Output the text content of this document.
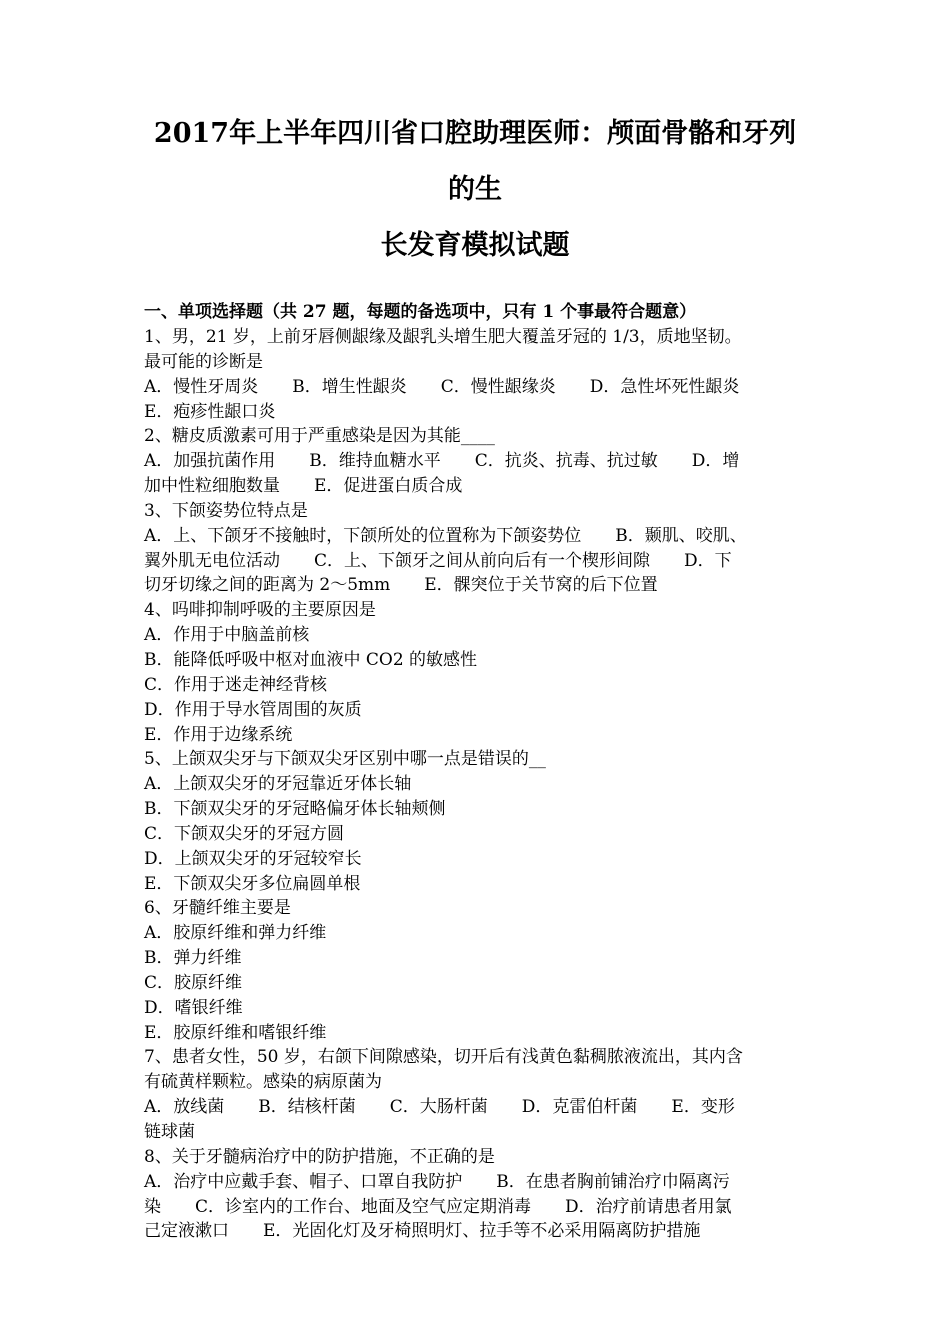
2017年上半年四川省口腔助理医师：颅面骨骼和牙列的生
长发育模拟试题
一、单项选择题（共 27 题，每题的备选项中，只有 1 个事最符合题意）

1、男，21 岁，上前牙唇侧龈缘及龈乳头增生肥大覆盖牙冠的 1/3，质地坚韧。

最可能的诊断是

A．慢性牙周炎　　B．增生性龈炎　　C．慢性龈缘炎　　D．急性坏死性龈炎

E．疱疹性龈口炎

2、糖皮质激素可用于严重感染是因为其能____

A．加强抗菌作用　　B．维持血糖水平　　C．抗炎、抗毒、抗过敏　　D．增

加中性粒细胞数量　　E．促进蛋白质合成

3、下颌姿势位特点是

A．上、下颌牙不接触时，下颌所处的位置称为下颌姿势位　　B．颞肌、咬肌、

翼外肌无电位活动　　C．上、下颌牙之间从前向后有一个楔形间隙　　D．下

切牙切缘之间的距离为 2～5mm　　E．髁突位于关节窝的后下位置

4、吗啡抑制呼吸的主要原因是

A．作用于中脑盖前核

B．能降低呼吸中枢对血液中 CO2 的敏感性

C．作用于迷走神经背核

D．作用于导水管周围的灰质

E．作用于边缘系统

5、上颌双尖牙与下颌双尖牙区别中哪一点是错误的__

A．上颌双尖牙的牙冠靠近牙体长轴

B．下颌双尖牙的牙冠略偏牙体长轴颊侧

C．下颌双尖牙的牙冠方圆

D．上颌双尖牙的牙冠较窄长

E．下颌双尖牙多位扁圆单根

6、牙髓纤维主要是

A．胶原纤维和弹力纤维

B．弹力纤维

C．胶原纤维

D．嗜银纤维

E．胶原纤维和嗜银纤维

7、患者女性，50 岁，右颌下间隙感染，切开后有浅黄色黏稠脓液流出，其内含

有硫黄样颗粒。感染的病原菌为

A．放线菌　　B．结核杆菌　　C．大肠杆菌　　D．克雷伯杆菌　　E．变形

链球菌

8、关于牙髓病治疗中的防护措施，不正确的是

A．治疗中应戴手套、帽子、口罩自我防护　　B．在患者胸前铺治疗巾隔离污

染　　C．诊室内的工作台、地面及空气应定期消毒　　D．治疗前请患者用氯

己定液漱口　　E．光固化灯及牙椅照明灯、拉手等不必采用隔离防护措施
